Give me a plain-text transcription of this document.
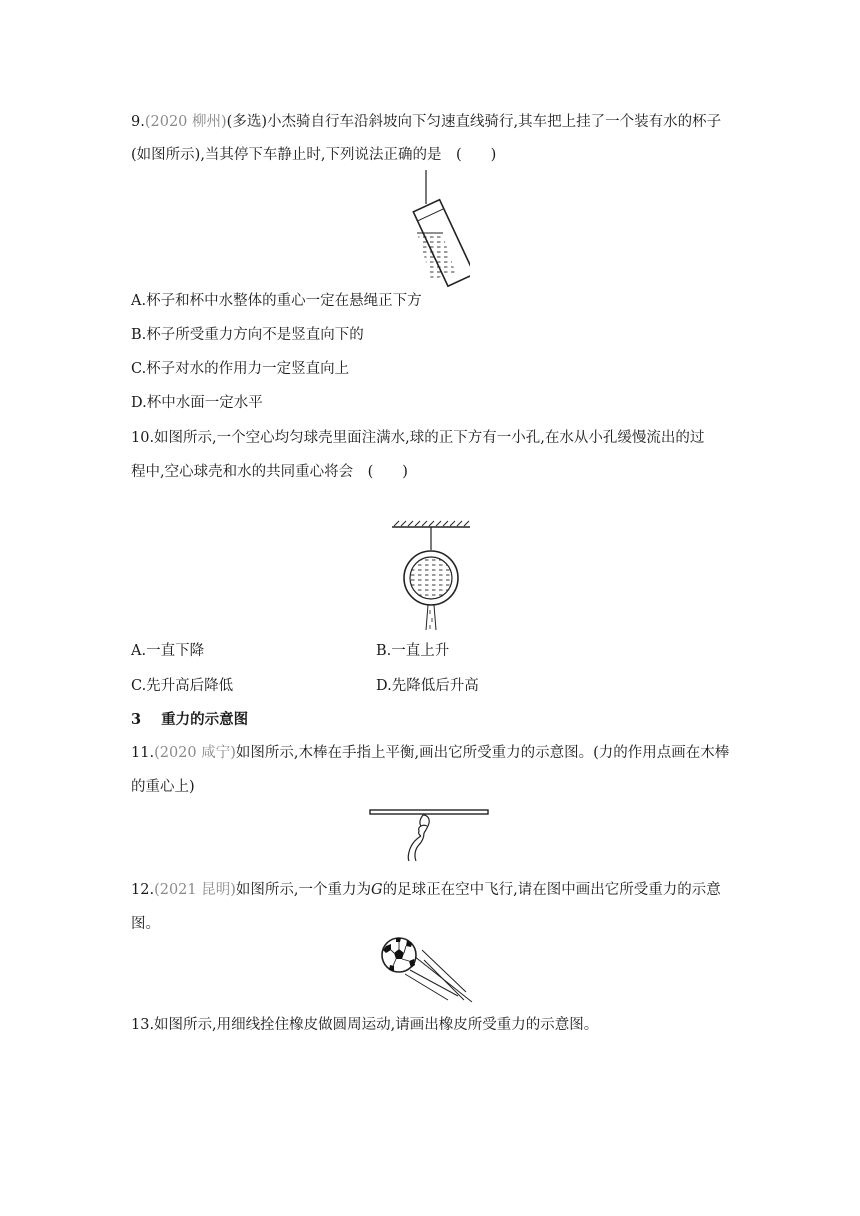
9.(2020 柳州)(多选)小杰骑自行车沿斜坡向下匀速直线骑行,其车把上挂了一个装有水的杯子
(如图所示),当其停下车静止时,下列说法正确的是　(　　)
A.杯子和杯中水整体的重心一定在悬绳正下方
B.杯子所受重力方向不是竖直向下的
C.杯子对水的作用力一定竖直向上
D.杯中水面一定水平
10.如图所示,一个空心均匀球壳里面注满水,球的正下方有一小孔,在水从小孔缓慢流出的过
程中,空心球壳和水的共同重心将会　(　　)
A.一直下降	B.一直上升
C.先升高后降低	D.先降低后升高
3 重力的示意图
11.(2020 咸宁)如图所示,木棒在手指上平衡,画出它所受重力的示意图。(力的作用点画在木棒
的重心上)
12.(2021 昆明)如图所示,一个重力为G的足球正在空中飞行,请在图中画出它所受重力的示意
图。
13.如图所示,用细线拴住橡皮做圆周运动,请画出橡皮所受重力的示意图。
